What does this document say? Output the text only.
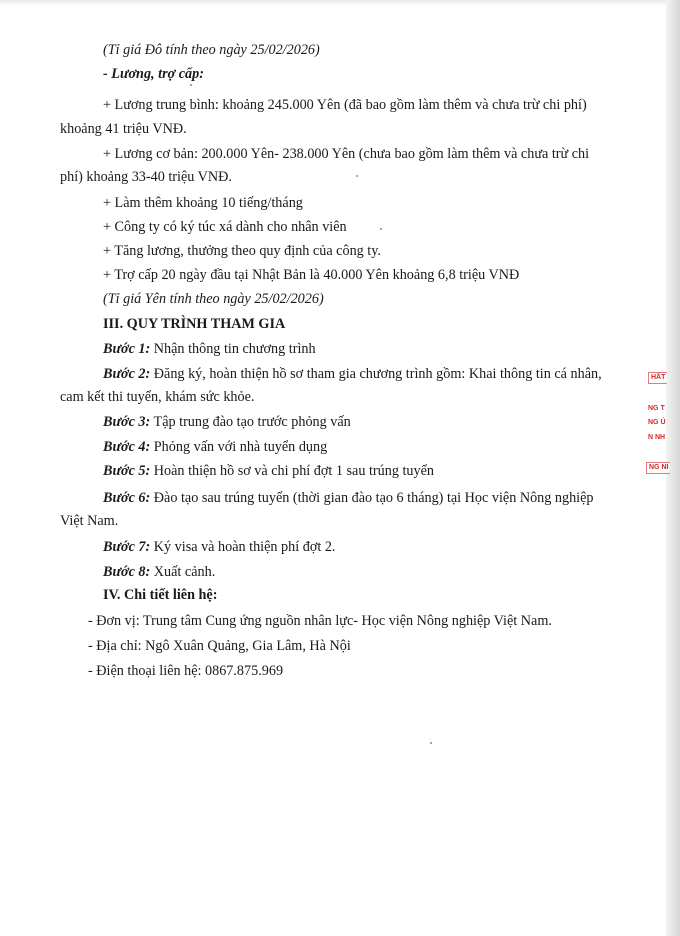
(Tỉ giá Đô tính theo ngày 25/02/2026)
- Lương, trợ cấp:
+ Lương trung bình: khoảng 245.000 Yên (đã bao gồm làm thêm và chưa trừ chi phí)
khoảng 41 triệu VNĐ.
+ Lương cơ bản: 200.000 Yên- 238.000 Yên (chưa bao gồm làm thêm và chưa trừ chi
phí) khoảng 33-40 triệu VNĐ.
+ Làm thêm khoảng 10 tiếng/tháng
+ Công ty có ký túc xá dành cho nhân viên
+ Tăng lương, thưởng theo quy định của công ty.
+ Trợ cấp 20 ngày đầu tại Nhật Bản là 40.000 Yên khoảng 6,8 triệu VNĐ
(Tỉ giá Yên tính theo ngày 25/02/2026)
III. QUY TRÌNH THAM GIA
Bước 1: Nhận thông tin chương trình
Bước 2: Đăng ký, hoàn thiện hồ sơ tham gia chương trình gồm: Khai thông tin cá nhân,
cam kết thi tuyển, khám sức khỏe.
Bước 3: Tập trung đào tạo trước phỏng vấn
Bước 4: Phỏng vấn với nhà tuyển dụng
Bước 5: Hoàn thiện hồ sơ và chi phí đợt 1 sau trúng tuyển
Bước 6: Đào tạo sau trúng tuyển (thời gian đào tạo 6 tháng) tại Học viện Nông nghiệp
Việt Nam.
Bước 7: Ký visa và hoàn thiện phí đợt 2.
Bước 8: Xuất cảnh.
IV. Chi tiết liên hệ:
- Đơn vị: Trung tâm Cung ứng nguồn nhân lực- Học viện Nông nghiệp Việt Nam.
- Địa chỉ: Ngô Xuân Quảng, Gia Lâm, Hà Nội
- Điện thoại liên hệ: 0867.875.969
HẤT
NG T
NG Ú
N NH
NG NI
